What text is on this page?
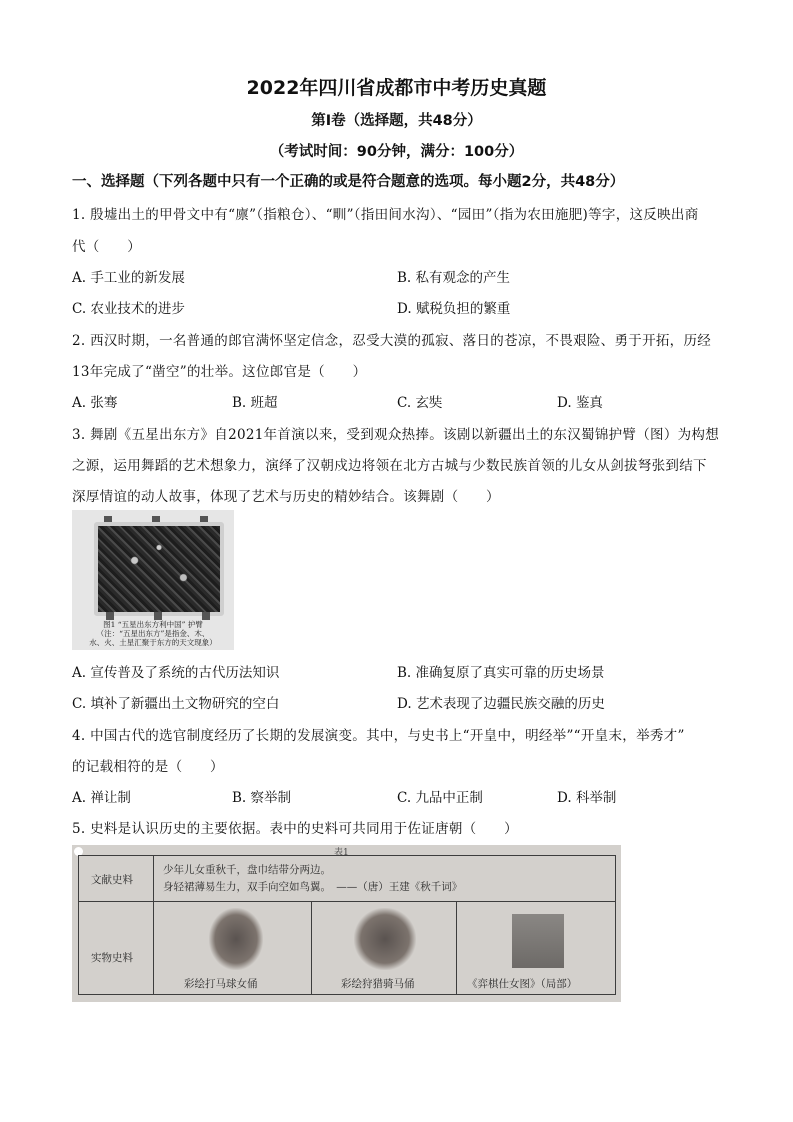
2022年四川省成都市中考历史真题
第Ⅰ卷（选择题，共48分）
（考试时间：90分钟，满分：100分）
一、选择题（下列各题中只有一个正确的或是符合题意的选项。每小题2分，共48分）
1. 殷墟出土的甲骨文中有“廪”（指粮仓）、“甽”（指田间水沟）、“园田”（指为农田施肥)等字，这反映出商
代（　　）
A. 手工业的新发展	B. 私有观念的产生
C. 农业技术的进步	D. 赋税负担的繁重
2. 西汉时期，一名普通的郎官满怀坚定信念，忍受大漠的孤寂、落日的苍凉，不畏艰险、勇于开拓，历经
13年完成了“凿空”的壮举。这位郎官是（　　）
A. 张骞	B. 班超	C. 玄奘	D. 鉴真
3. 舞剧《五星出东方》自2021年首演以来，受到观众热捧。该剧以新疆出土的东汉蜀锦护臂（图）为构想
之源，运用舞蹈的艺术想象力，演绎了汉朝戍边将领在北方古城与少数民族首领的儿女从剑拔弩张到结下
深厚情谊的动人故事，体现了艺术与历史的精妙结合。该舞剧（　　）
图1 “五星出东方利中国” 护臂
（注：“五星出东方”是指金、木、
水、火、土星汇聚于东方的天文现象）
A. 宣传普及了系统的古代历法知识	B. 准确复原了真实可靠的历史场景
C. 填补了新疆出土文物研究的空白	D. 艺术表现了边疆民族交融的历史
4. 中国古代的选官制度经历了长期的发展演变。其中，与史书上“开皇中，明经举”“开皇末，举秀才”
的记载相符的是（　　）
A. 禅让制	B. 察举制	C. 九品中正制	D. 科举制
5. 史料是认识历史的主要依据。表中的史料可共同用于佐证唐朝（　　）
表1
文献史料
少年儿女重秋千，盘巾结带分两边。
身轻裙薄易生力，双手向空如鸟翼。　——（唐）王建《秋千词》
实物史料
彩绘打马球女俑	彩绘狩猎骑马俑	《弈棋仕女图》（局部）
